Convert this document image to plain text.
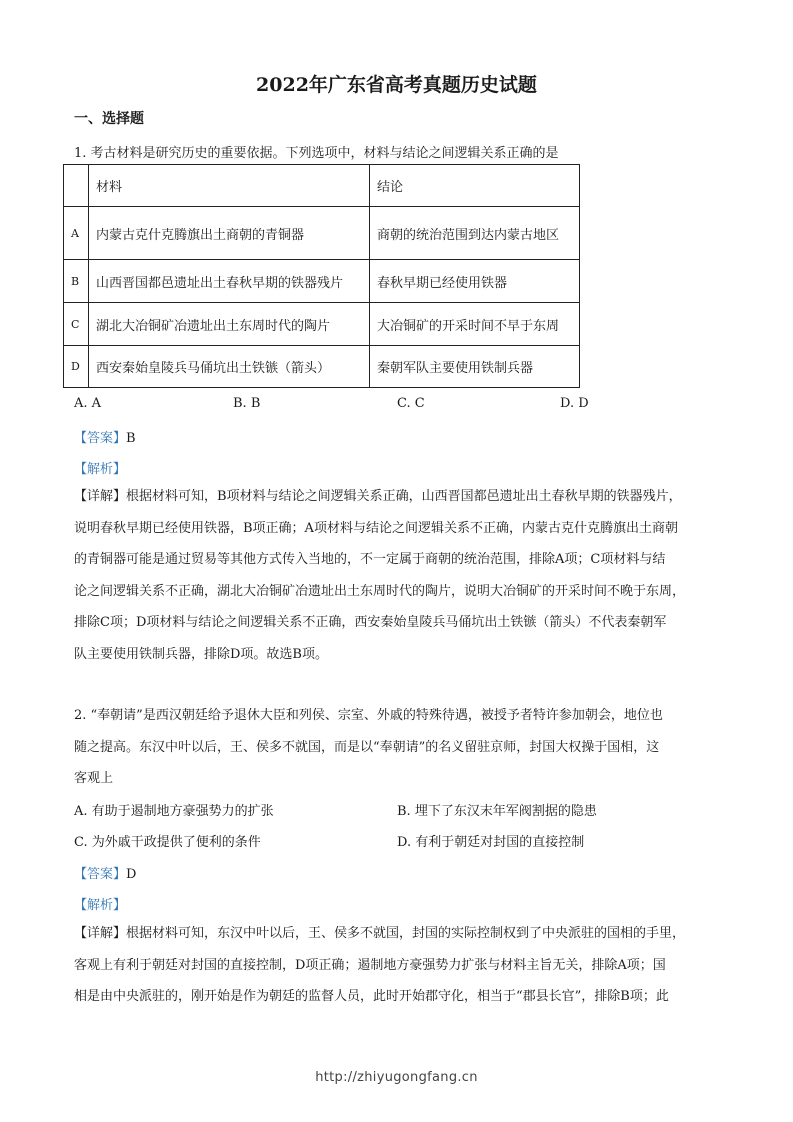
2022年广东省高考真题历史试题
一、选择题
1. 考古材料是研究历史的重要依据。下列选项中，材料与结论之间逻辑关系正确的是
	材料	结论
A	内蒙古克什克腾旗出土商朝的青铜器	商朝的统治范围到达内蒙古地区
B	山西晋国都邑遗址出土春秋早期的铁器残片	春秋早期已经使用铁器
C	湖北大冶铜矿冶遗址出土东周时代的陶片	大冶铜矿的开采时间不早于东周
D	西安秦始皇陵兵马俑坑出土铁镞（箭头）	秦朝军队主要使用铁制兵器
A. A	B. B	C. C	D. D
【答案】B
【解析】
【详解】根据材料可知，B项材料与结论之间逻辑关系正确，山西晋国都邑遗址出土春秋早期的铁器残片，
说明春秋早期已经使用铁器，B项正确；A项材料与结论之间逻辑关系不正确，内蒙古克什克腾旗出土商朝
的青铜器可能是通过贸易等其他方式传入当地的，不一定属于商朝的统治范围，排除A项；C项材料与结
论之间逻辑关系不正确，湖北大冶铜矿冶遗址出土东周时代的陶片，说明大冶铜矿的开采时间不晚于东周，
排除C项；D项材料与结论之间逻辑关系不正确，西安秦始皇陵兵马俑坑出土铁镞（箭头）不代表秦朝军
队主要使用铁制兵器，排除D项。故选B项。
2. “奉朝请”是西汉朝廷给予退休大臣和列侯、宗室、外戚的特殊待遇，被授予者特许参加朝会，地位也
随之提高。东汉中叶以后，王、侯多不就国，而是以“奉朝请”的名义留驻京师，封国大权操于国相，这
客观上
A. 有助于遏制地方豪强势力的扩张	B. 埋下了东汉末年军阀割据的隐患
C. 为外戚干政提供了便利的条件	D. 有利于朝廷对封国的直接控制
【答案】D
【解析】
【详解】根据材料可知，东汉中叶以后，王、侯多不就国，封国的实际控制权到了中央派驻的国相的手里，
客观上有利于朝廷对封国的直接控制，D项正确；遏制地方豪强势力扩张与材料主旨无关，排除A项；国
相是由中央派驻的，刚开始是作为朝廷的监督人员，此时开始郡守化，相当于“郡县长官”，排除B项；此
http://zhiyugongfang.cn
